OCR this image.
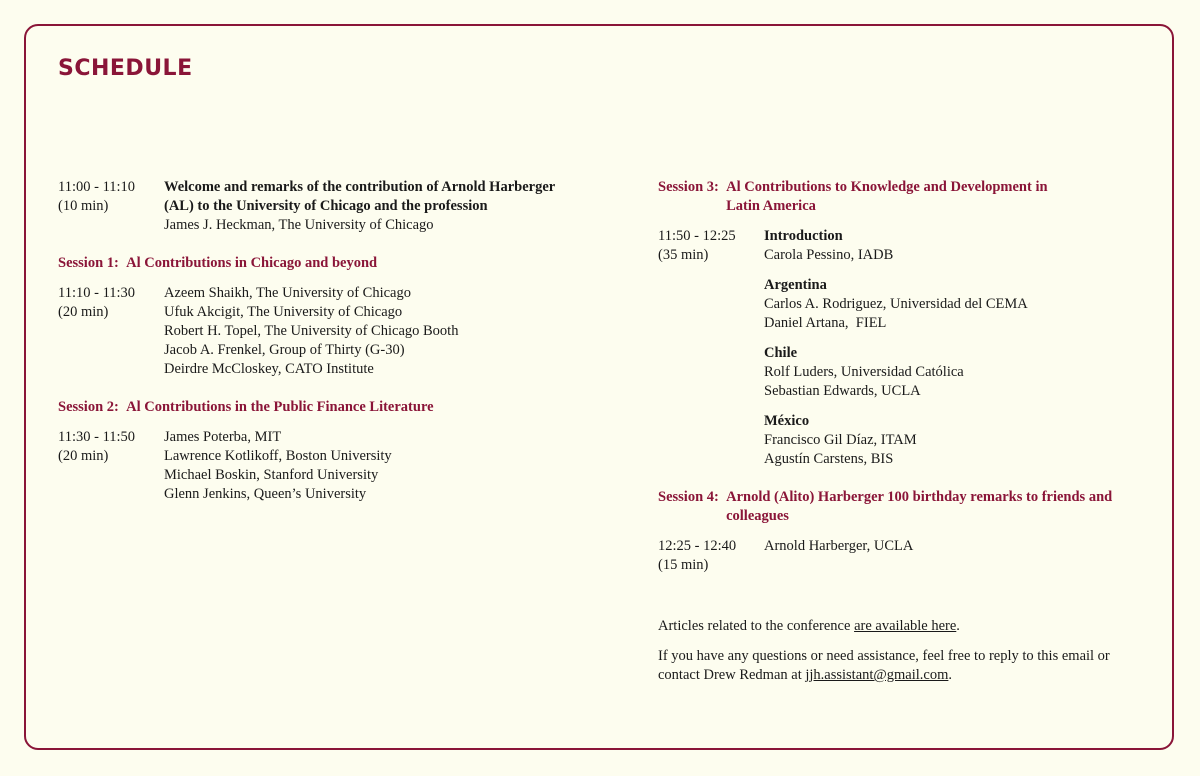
SCHEDULE
11:00 - 11:10
(10 min)
Welcome and remarks of the contribution of Arnold Harberger (AL) to the University of Chicago and the profession
James J. Heckman, The University of Chicago
Session 1: Al Contributions in Chicago and beyond
11:10 - 11:30
(20 min)
Azeem Shaikh, The University of Chicago
Ufuk Akcigit, The University of Chicago
Robert H. Topel, The University of Chicago Booth
Jacob A. Frenkel, Group of Thirty (G-30)
Deirdre McCloskey, CATO Institute
Session 2: Al Contributions in the Public Finance Literature
11:30 - 11:50
(20 min)
James Poterba, MIT
Lawrence Kotlikoff, Boston University
Michael Boskin, Stanford University
Glenn Jenkins, Queen’s University
Session 3: Al Contributions to Knowledge and Development in Latin America
11:50 - 12:25
(35 min)
Introduction
Carola Pessino, IADB
Argentina
Carlos A. Rodriguez, Universidad del CEMA
Daniel Artana,  FIEL
Chile
Rolf Luders, Universidad Católica
Sebastian Edwards, UCLA
México
Francisco Gil Díaz, ITAM
Agustín Carstens, BIS
Session 4: Arnold (Alito) Harberger 100 birthday remarks to friends and colleagues
12:25 - 12:40
(15 min)
Arnold Harberger, UCLA

Articles related to the conference are available here.

If you have any questions or need assistance, feel free to reply to this email or contact Drew Redman at jjh.assistant@gmail.com.
